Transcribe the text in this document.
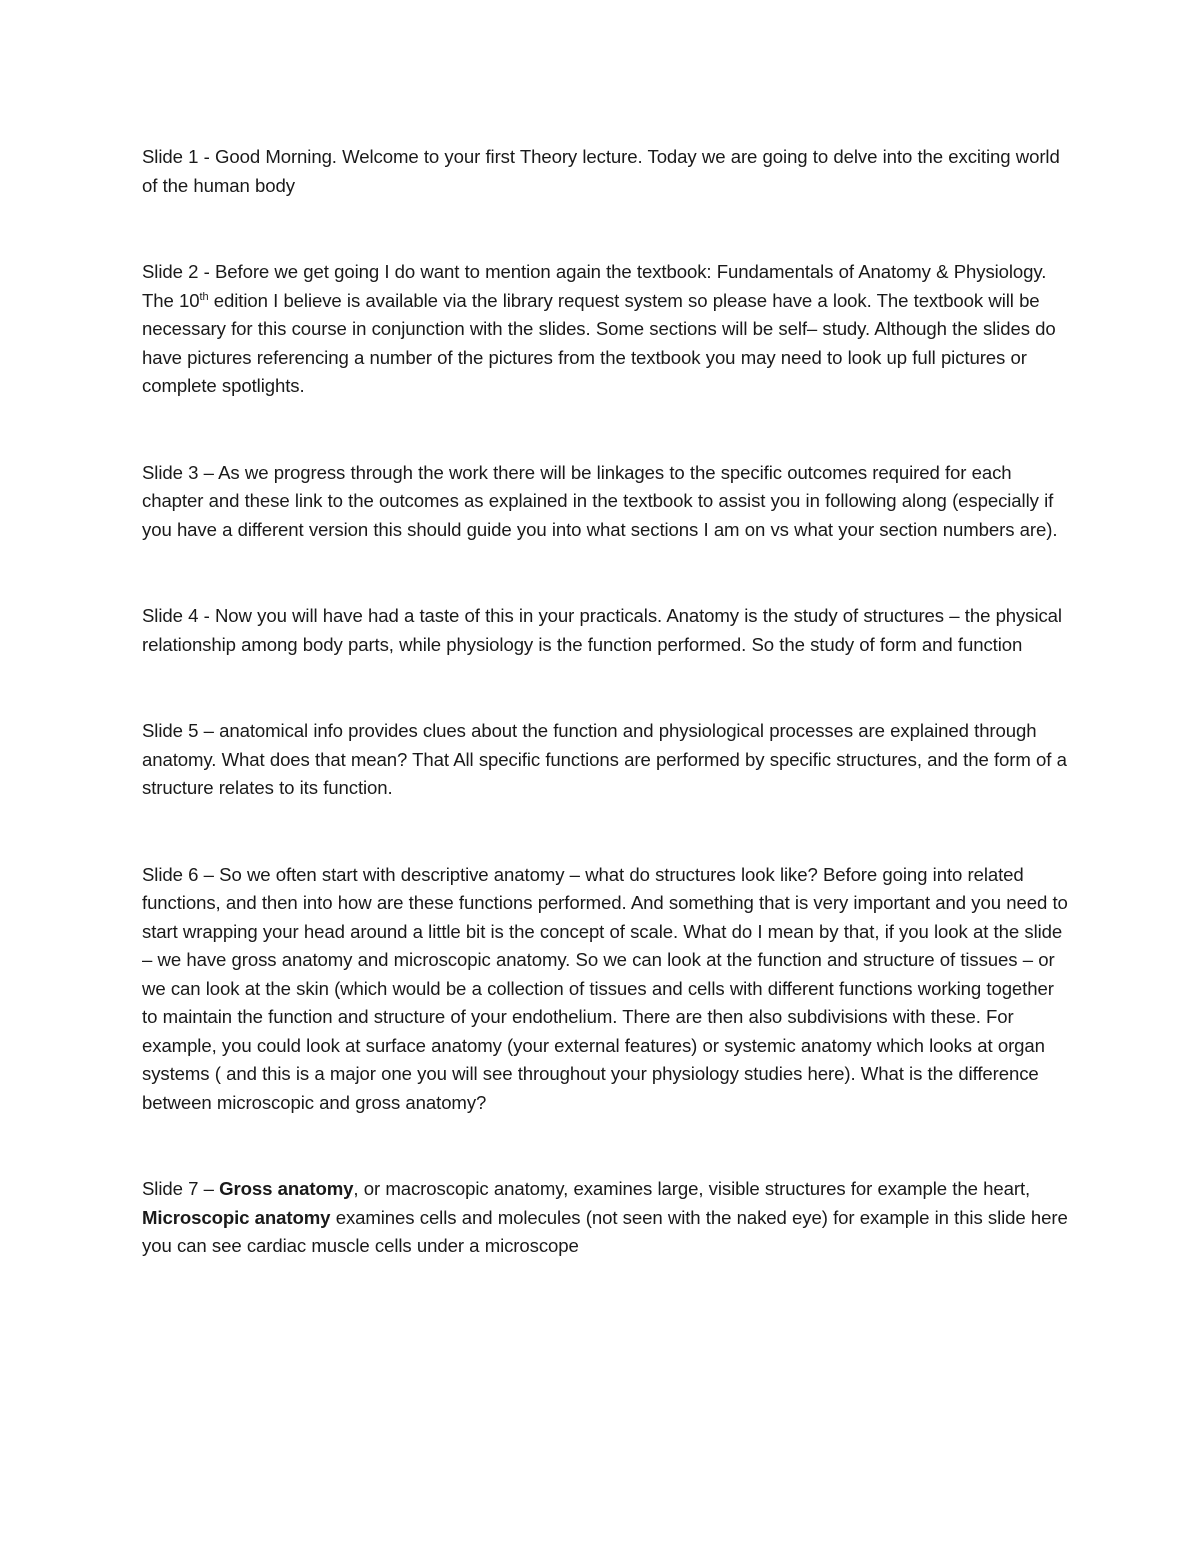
Slide 1 - Good Morning. Welcome to your first Theory lecture. Today we are going to delve into the exciting world of the human body

Slide 2 - Before we get going I do want to mention again the textbook: Fundamentals of Anatomy & Physiology. The 10th edition I believe is available via the library request system so please have a look. The textbook will be necessary for this course in conjunction with the slides. Some sections will be self– study. Although the slides do have pictures referencing a number of the pictures from the textbook you may need to look up full pictures or complete spotlights.

Slide 3 – As we progress through the work there will be linkages to the specific outcomes required for each chapter and these link to the outcomes as explained in the textbook to assist you in following along (especially if you have a different version this should guide you into what sections I am on vs what your section numbers are).

Slide 4 - Now you will have had a taste of this in your practicals. Anatomy is the study of structures – the physical relationship among body parts, while physiology is the function performed. So the study of form and function

Slide 5 – anatomical info provides clues about the function and physiological processes are explained through anatomy. What does that mean? That All specific functions are performed by specific structures, and the form of a structure relates to its function.

Slide 6 – So we often start with descriptive anatomy – what do structures look like? Before going into related functions, and then into how are these functions performed. And something that is very important and you need to start wrapping your head around a little bit is the concept of scale. What do I mean by that, if you look at the slide – we have gross anatomy and microscopic anatomy. So we can look at the function and structure of tissues – or we can look at the skin (which would be a collection of tissues and cells with different functions working together to maintain the function and structure of your endothelium. There are then also subdivisions with these. For example, you could look at surface anatomy (your external features) or systemic anatomy which looks at organ systems ( and this is a major one you will see throughout your physiology studies here). What is the difference between microscopic and gross anatomy?

Slide 7 – Gross anatomy, or macroscopic anatomy, examines large, visible structures for example the heart, Microscopic anatomy examines cells and molecules (not seen with the naked eye) for example in this slide here you can see cardiac muscle cells under a microscope
